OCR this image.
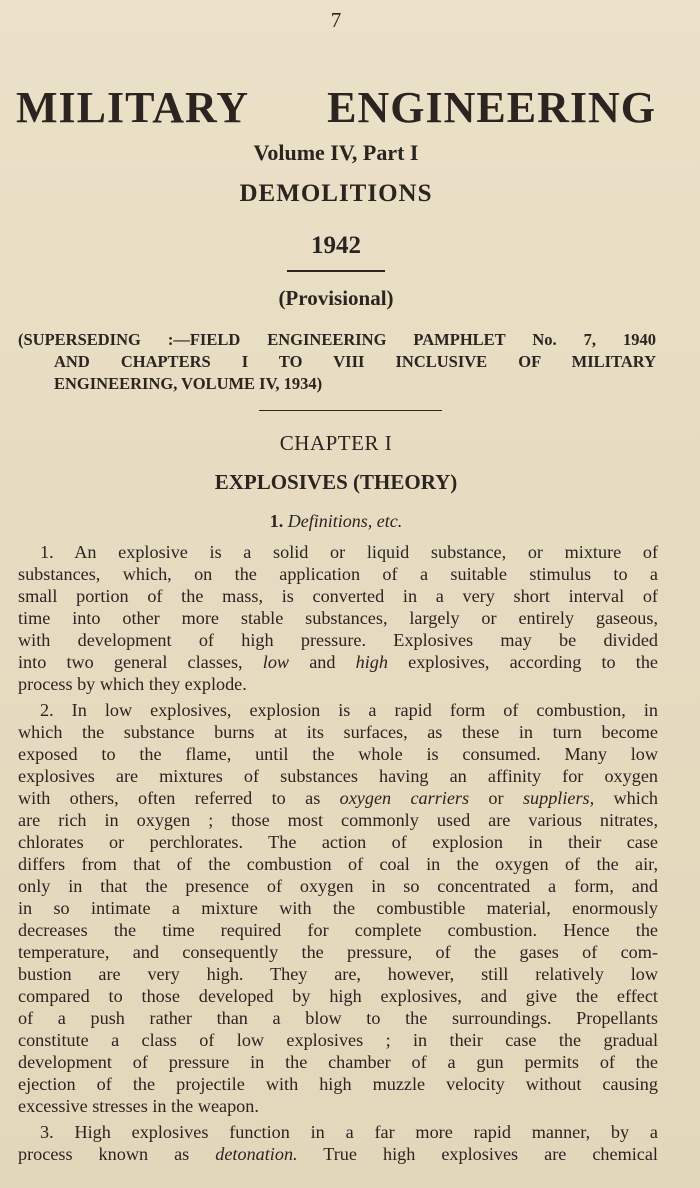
7
MILITARY ENGINEERING
Volume IV, Part I
DEMOLITIONS
1942
(Provisional)
(SUPERSEDING :—FIELD ENGINEERING PAMPHLET No. 7, 1940
AND CHAPTERS I TO VIII INCLUSIVE OF MILITARY
ENGINEERING, VOLUME IV, 1934)
CHAPTER I
EXPLOSIVES (THEORY)
1. Definitions, etc.
1. An explosive is a solid or liquid substance, or mixture of
substances, which, on the application of a suitable stimulus to a
small portion of the mass, is converted in a very short interval of
time into other more stable substances, largely or entirely gaseous,
with development of high pressure. Explosives may be divided
into two general classes, low and high explosives, according to the
process by which they explode.
2. In low explosives, explosion is a rapid form of combustion, in
which the substance burns at its surfaces, as these in turn become
exposed to the flame, until the whole is consumed. Many low
explosives are mixtures of substances having an affinity for oxygen
with others, often referred to as oxygen carriers or suppliers, which
are rich in oxygen ; those most commonly used are various nitrates,
chlorates or perchlorates. The action of explosion in their case
differs from that of the combustion of coal in the oxygen of the air,
only in that the presence of oxygen in so concentrated a form, and
in so intimate a mixture with the combustible material, enormously
decreases the time required for complete combustion. Hence the
temperature, and consequently the pressure, of the gases of com-
bustion are very high. They are, however, still relatively low
compared to those developed by high explosives, and give the effect
of a push rather than a blow to the surroundings. Propellants
constitute a class of low explosives ; in their case the gradual
development of pressure in the chamber of a gun permits of the
ejection of the projectile with high muzzle velocity without causing
excessive stresses in the weapon.
3. High explosives function in a far more rapid manner, by a
process known as detonation. True high explosives are chemical
